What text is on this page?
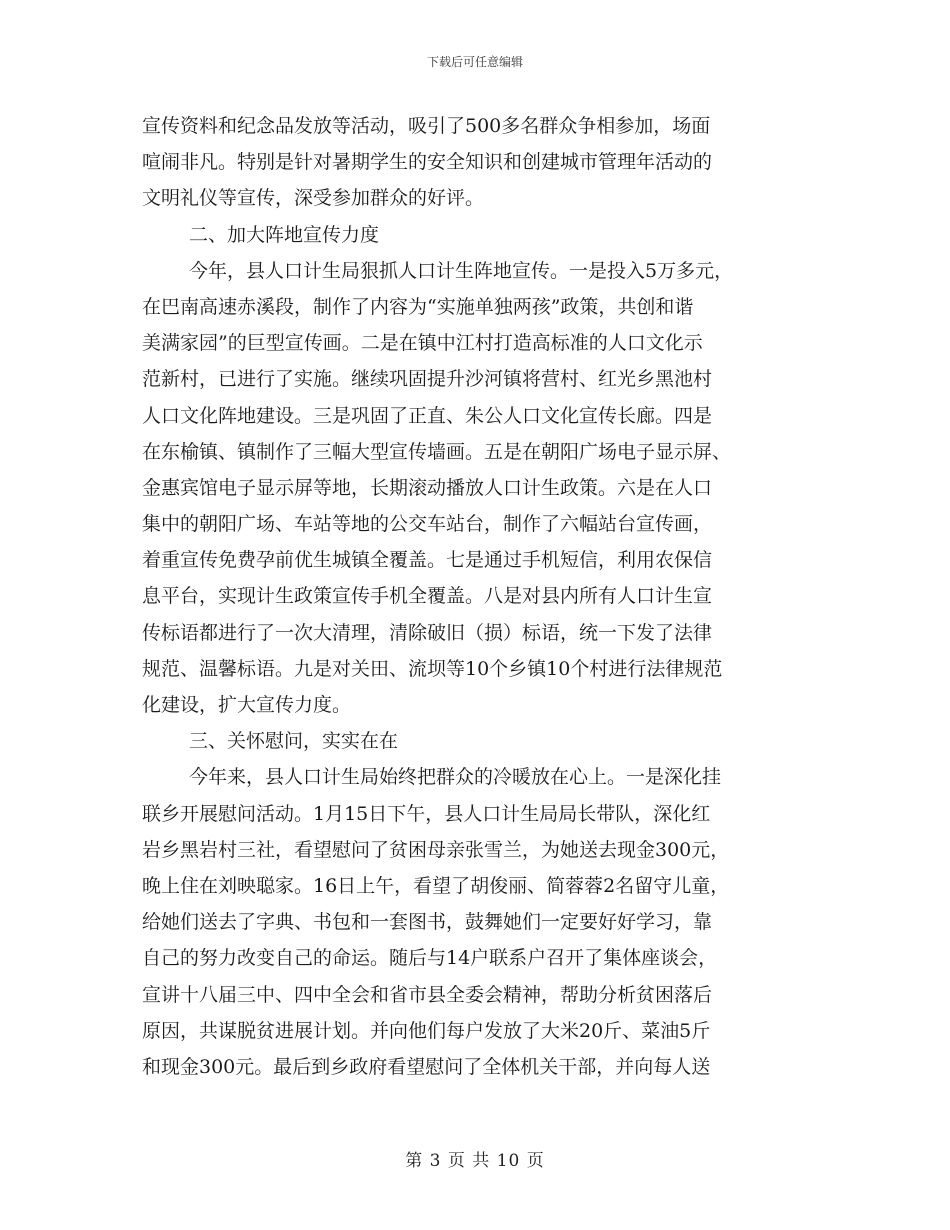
下载后可任意编辑
宣传资料和纪念品发放等活动，吸引了500多名群众争相参加，场面
喧闹非凡。特别是针对暑期学生的安全知识和创建城市管理年活动的
文明礼仪等宣传，深受参加群众的好评。
二、加大阵地宣传力度
今年，县人口计生局狠抓人口计生阵地宣传。一是投入5万多元，
在巴南高速赤溪段，制作了内容为“实施单独两孩”政策，共创和谐
美满家园”的巨型宣传画。二是在镇中江村打造高标准的人口文化示
范新村，已进行了实施。继续巩固提升沙河镇将营村、红光乡黑池村
人口文化阵地建设。三是巩固了正直、朱公人口文化宣传长廊。四是
在东榆镇、镇制作了三幅大型宣传墙画。五是在朝阳广场电子显示屏、
金惠宾馆电子显示屏等地，长期滚动播放人口计生政策。六是在人口
集中的朝阳广场、车站等地的公交车站台，制作了六幅站台宣传画，
着重宣传免费孕前优生城镇全覆盖。七是通过手机短信，利用农保信
息平台，实现计生政策宣传手机全覆盖。八是对县内所有人口计生宣
传标语都进行了一次大清理，清除破旧（损）标语，统一下发了法律
规范、温馨标语。九是对关田、流坝等10个乡镇10个村进行法律规范
化建设，扩大宣传力度。
三、关怀慰问，实实在在
今年来，县人口计生局始终把群众的冷暖放在心上。一是深化挂
联乡开展慰问活动。1月15日下午，县人口计生局局长带队，深化红
岩乡黑岩村三社，看望慰问了贫困母亲张雪兰，为她送去现金300元，
晚上住在刘映聪家。16日上午，看望了胡俊丽、简蓉蓉2名留守儿童，
给她们送去了字典、书包和一套图书，鼓舞她们一定要好好学习，靠
自己的努力改变自己的命运。随后与14户联系户召开了集体座谈会，
宣讲十八届三中、四中全会和省市县全委会精神，帮助分析贫困落后
原因，共谋脱贫进展计划。并向他们每户发放了大米20斤、菜油5斤
和现金300元。最后到乡政府看望慰问了全体机关干部，并向每人送
第 3 页 共 10 页
